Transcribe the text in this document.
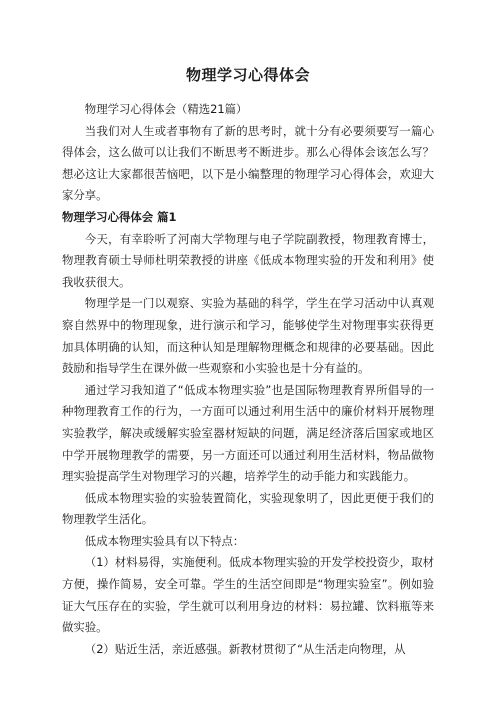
物理学习心得体会

物理学习心得体会（精选21篇）

当我们对人生或者事物有了新的思考时，就十分有必要须要写一篇心得体会，这么做可以让我们不断思考不断进步。那么心得体会该怎么写？想必这让大家都很苦恼吧，以下是小编整理的物理学习心得体会，欢迎大家分享。

物理学习心得体会 篇1

今天，有幸聆听了河南大学物理与电子学院副教授，物理教育博士，物理教育硕士导师杜明荣教授的讲座《低成本物理实验的开发和利用》使我收获很大。

物理学是一门以观察、实验为基础的科学，学生在学习活动中认真观察自然界中的物理现象，进行演示和学习，能够使学生对物理事实获得更加具体明确的认知，而这种认知是理解物理概念和规律的必要基础。因此鼓励和指导学生在课外做一些观察和小实验也是十分有益的。

通过学习我知道了“低成本物理实验”也是国际物理教育界所倡导的一种物理教育工作的行为，一方面可以通过利用生活中的廉价材料开展物理实验教学，解决或缓解实验室器材短缺的问题，满足经济落后国家或地区中学开展物理教学的需要，另一方面还可以通过利用生活材料，物品做物理实验提高学生对物理学习的兴趣，培养学生的动手能力和实践能力。

低成本物理实验的实验装置简化，实验现象明了，因此更便于我们的物理教学生活化。

低成本物理实验具有以下特点：

（1）材料易得，实施便利。低成本物理实验的开发学校投资少，取材方便，操作简易，安全可靠。学生的生活空间即是“物理实验室”。例如验证大气压存在的实验，学生就可以利用身边的材料：易拉罐、饮料瓶等来做实验。

（2）贴近生活，亲近感强。新教材贯彻了“从生活走向物理，从
